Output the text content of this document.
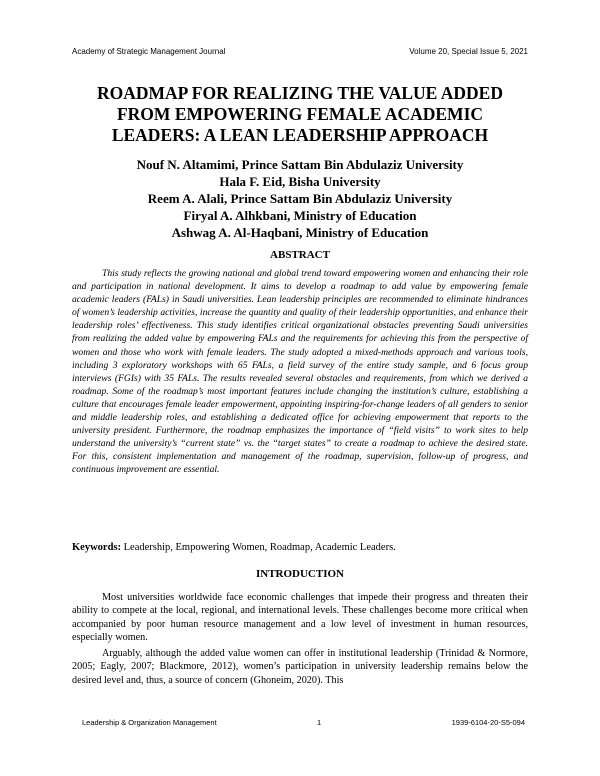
Academy of Strategic Management Journal	Volume 20, Special Issue 5, 2021
ROADMAP FOR REALIZING THE VALUE ADDED
FROM EMPOWERING FEMALE ACADEMIC
LEADERS: A LEAN LEADERSHIP APPROACH
Nouf N. Altamimi, Prince Sattam Bin Abdulaziz University
Hala F. Eid, Bisha University
Reem A. Alali, Prince Sattam Bin Abdulaziz University
Firyal A. Alhkbani, Ministry of Education
Ashwag A. Al-Haqbani, Ministry of Education
ABSTRACT

This study reflects the growing national and global trend toward empowering women and enhancing their role and participation in national development. It aims to develop a roadmap to add value by empowering female academic leaders (FALs) in Saudi universities. Lean leadership principles are recommended to eliminate hindrances of women’s leadership activities, increase the quantity and quality of their leadership opportunities, and enhance their leadership roles’ effectiveness. This study identifies critical organizational obstacles preventing Saudi universities from realizing the added value by empowering FALs and the requirements for achieving this from the perspective of women and those who work with female leaders. The study adopted a mixed-methods approach and various tools, including 3 exploratory workshops with 65 FALs, a field survey of the entire study sample, and 6 focus group interviews (FGIs) with 35 FALs. The results revealed several obstacles and requirements, from which we derived a roadmap. Some of the roadmap’s most important features include changing the institution’s culture, establishing a culture that encourages female leader empowerment, appointing inspiring-for-change leaders of all genders to senior and middle leadership roles, and establishing a dedicated office for achieving empowerment that reports to the university president. Furthermore, the roadmap emphasizes the importance of “field visits” to work sites to help understand the university’s “current state” vs. the “target states” to create a roadmap to achieve the desired state. For this, consistent implementation and management of the roadmap, supervision, follow-up of progress, and continuous improvement are essential.

Keywords: Leadership, Empowering Women, Roadmap, Academic Leaders.

INTRODUCTION

Most universities worldwide face economic challenges that impede their progress and threaten their ability to compete at the local, regional, and international levels. These challenges become more critical when accompanied by poor human resource management and a low level of investment in human resources, especially women.

Arguably, although the added value women can offer in institutional leadership (Trinidad & Normore, 2005; Eagly, 2007; Blackmore, 2012), women’s participation in university leadership remains below the desired level and, thus, a source of concern (Ghoneim, 2020). This

Leadership & Organization Management	1	1939-6104-20-S5-094
